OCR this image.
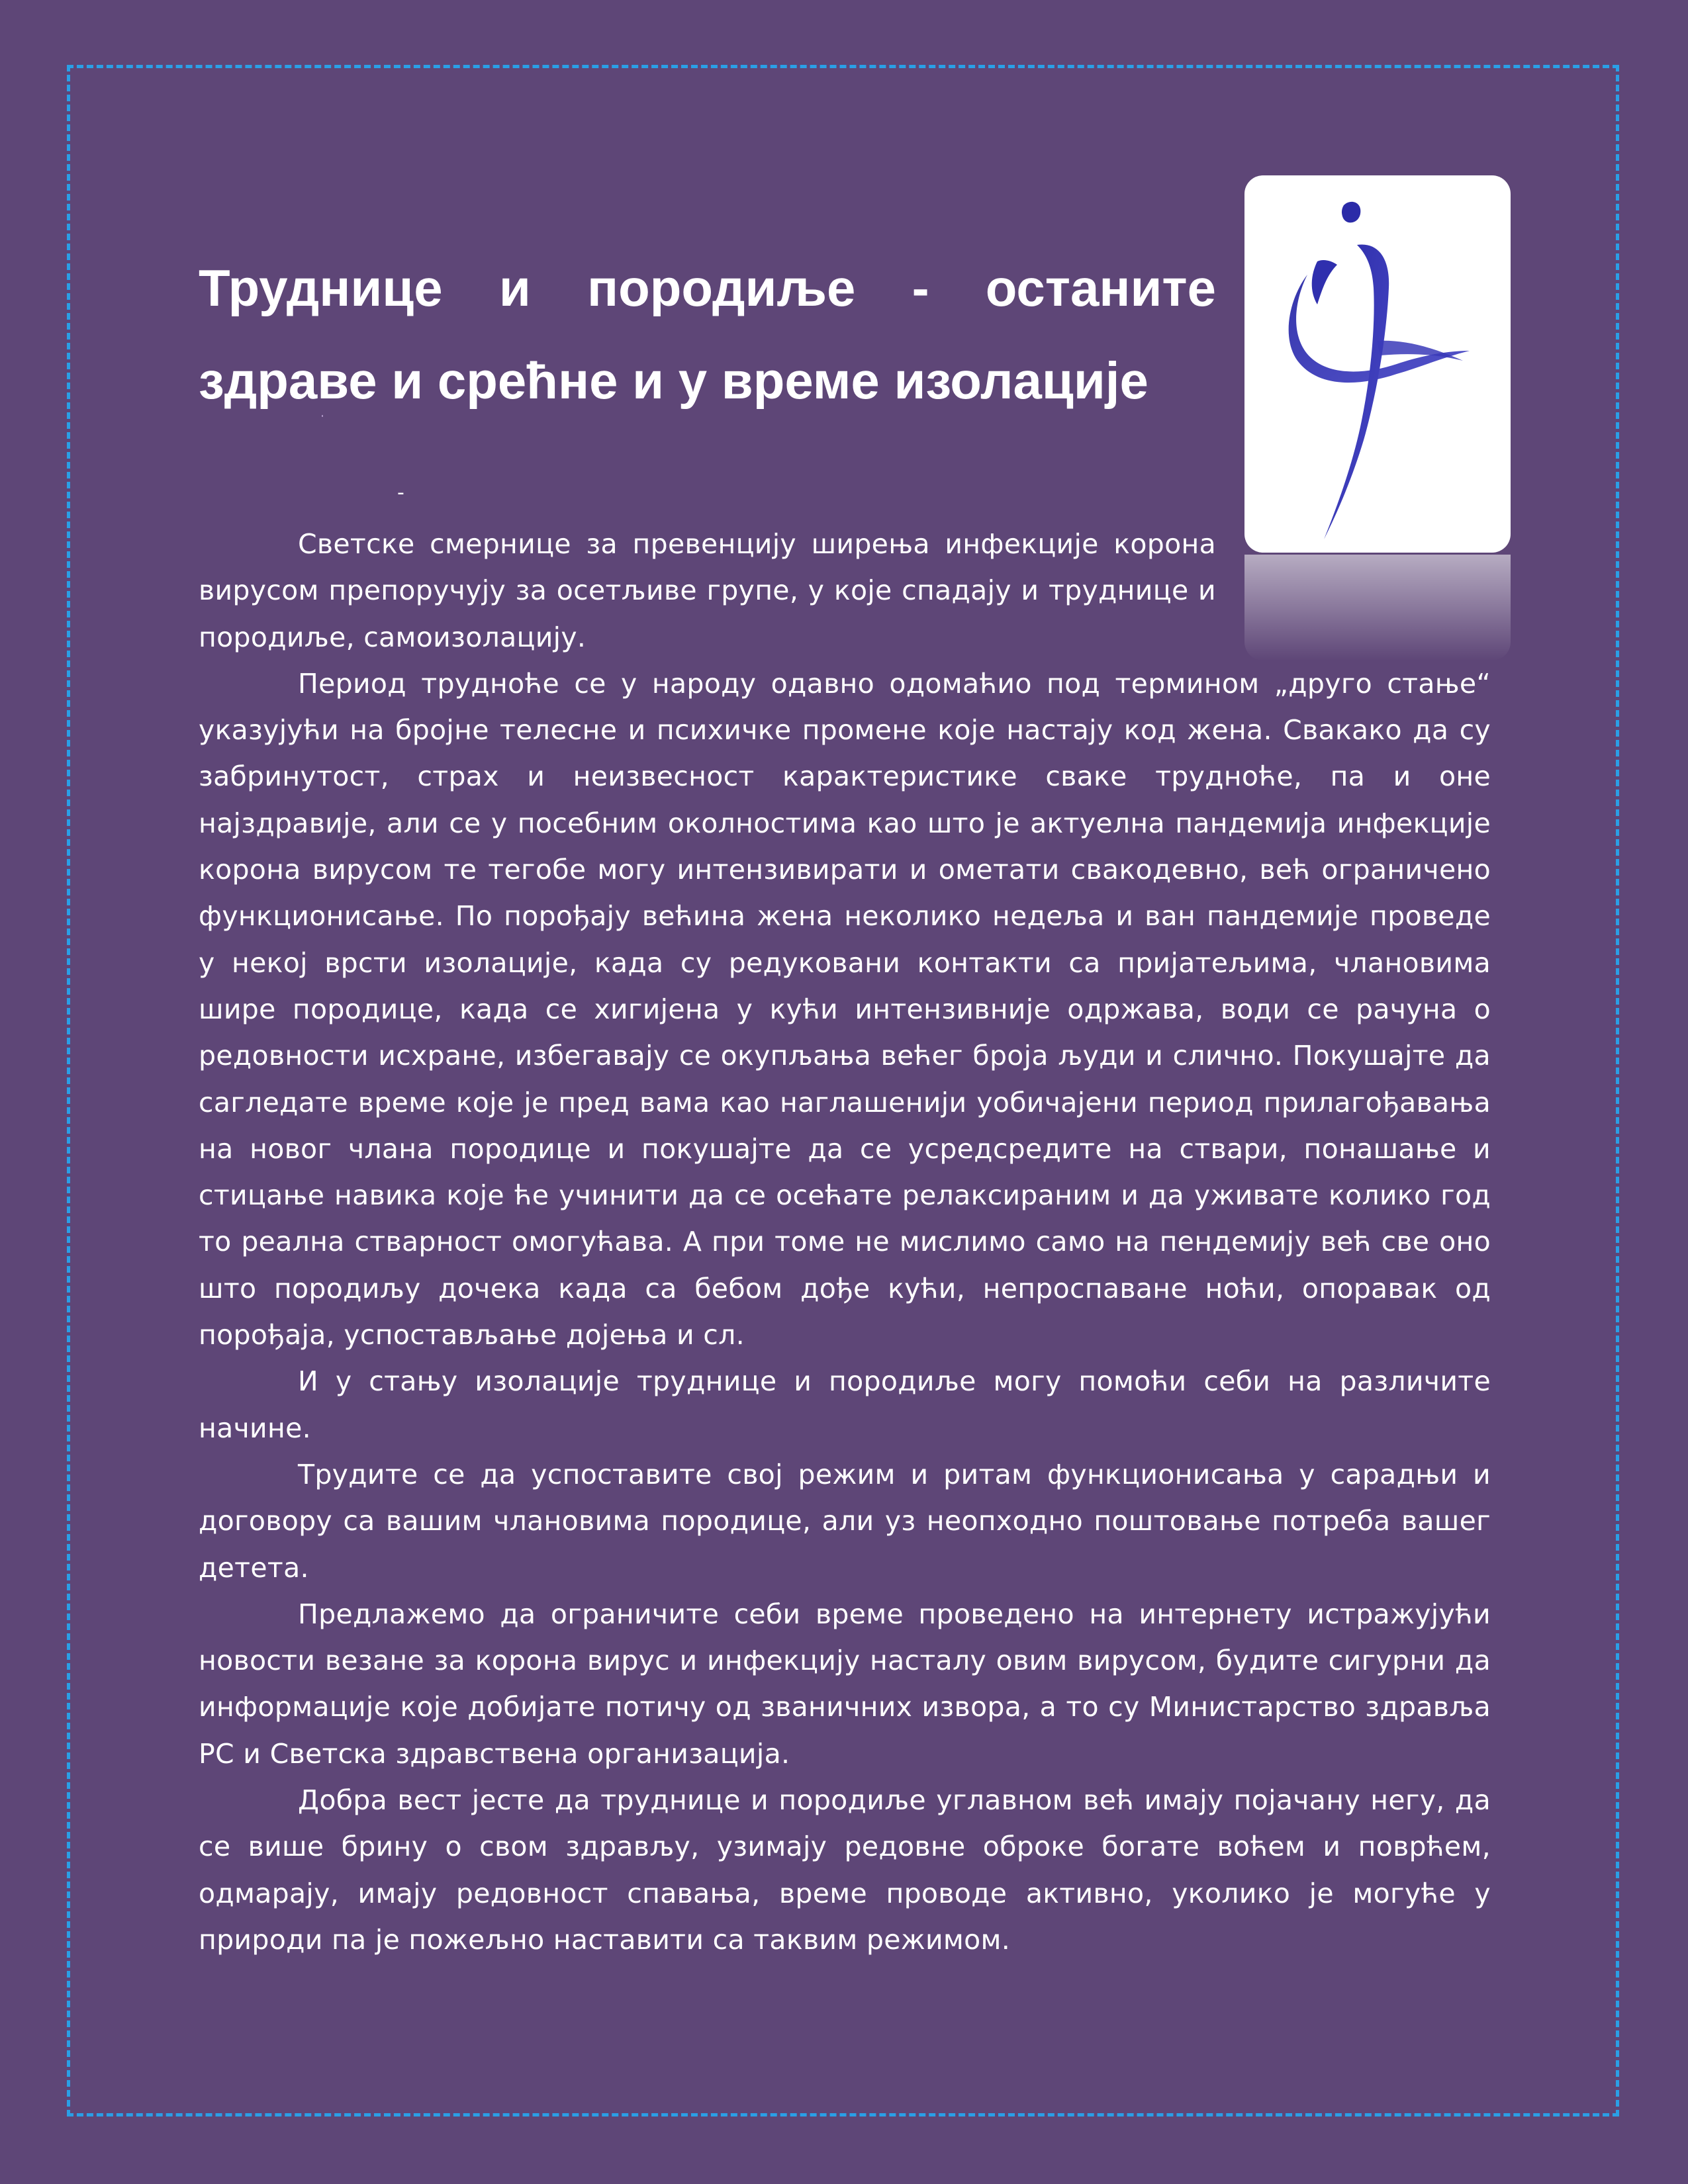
Труднице и породиље - останите здраве и срећне и у време изолације
-

Светске смернице за превенцију ширења инфекције корона вирусом препоручују за осетљиве групе, у које спадају и труднице и породиље, самоизолацију.

Период трудноће се у народу одавно одомаћио под термином „друго стање“ указујући на бројне телесне и психичке промене које настају код жена. Свакако да су забринутост, страх и неизвесност карактеристике сваке трудноће, па и оне најздравије, али се у посебним околностима као што је актуелна пандемија инфекције корона вирусом те тегобе могу интензивирати и ометати свакодевно, већ ограничено функционисање. По порођају већина жена неколико недеља и ван пандемије проведе у некој врсти изолације, када су редуковани контакти са пријатељима, члановима шире породице, када се хигијена у кући интензивније одржава, води се рачуна о редовности исхране, избегавају се окупљања већег броја људи и слично. Покушајте да сагледате време које је пред вама као наглашенији уобичајени период прилагођавања на новог члана породице и покушајте да се усредсредите на ствари, понашање и стицање навика које ће учинити да се осећате релаксираним и да уживате колико год то реална стварност омогућава. А при томе не мислимо само на пендемију већ све оно што породиљу дочека када са бебом дође кући, непроспаване ноћи, опоравак од порођаја, успостављање дојења и сл.

И у стању изолације труднице и породиље могу помоћи себи на различите начине.

Трудите се да успоставите свој режим и ритам функционисања у сарадњи и договору са вашим члановима породице, али уз неопходно поштовање потреба вашег детета.

Предлажемо да ограничите себи време проведено на интернету истражујући новости везане за корона вирус и инфекцију насталу овим вирусом, будите сигурни да информације које добијате потичу од званичних извора, а то су Министарство здравља РС и Светска здравствена организација.

Добра вест јесте да труднице и породиље углавном већ имају појачану негу, да се више брину о свом здрављу, узимају редовне оброке богате воћем и поврћем, одмарају, имају редовност спавања, време проводе активно, уколико је могуће у природи па је пожељно наставити са таквим режимом.
